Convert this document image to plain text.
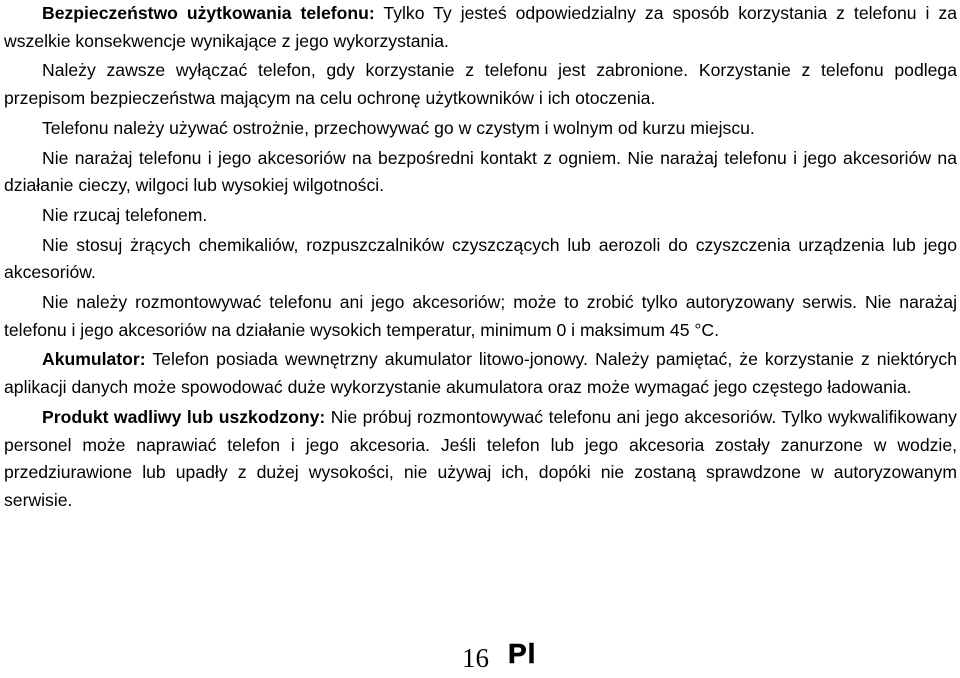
Bezpieczeństwo użytkowania telefonu: Tylko Ty jesteś odpowiedzialny za sposób korzystania z telefonu i za wszelkie konsekwencje wynikające z jego wykorzystania.

Należy zawsze wyłączać telefon, gdy korzystanie z telefonu jest zabronione. Korzystanie z telefonu podlega przepisom bezpieczeństwa mającym na celu ochronę użytkowników i ich otoczenia.

Telefonu należy używać ostrożnie, przechowywać go w czystym i wolnym od kurzu miejscu.

Nie narażaj telefonu i jego akcesoriów na bezpośredni kontakt z ogniem. Nie narażaj telefonu i jego akcesoriów na działanie cieczy, wilgoci lub wysokiej wilgotności.

Nie rzucaj telefonem.

Nie stosuj żrących chemikaliów, rozpuszczalników czyszczących lub aerozoli do czyszczenia urządzenia lub jego akcesoriów.

Nie należy rozmontowywać telefonu ani jego akcesoriów; może to zrobić tylko autoryzowany serwis. Nie narażaj telefonu i jego akcesoriów na działanie wysokich temperatur, minimum 0 i maksimum 45 °C.

Akumulator: Telefon posiada wewnętrzny akumulator litowo-jonowy. Należy pamiętać, że korzystanie z niektórych aplikacji danych może spowodować duże wykorzystanie akumulatora oraz może wymagać jego częstego ładowania.

Produkt wadliwy lub uszkodzony: Nie próbuj rozmontowywać telefonu ani jego akcesoriów. Tylko wykwalifikowany personel może naprawiać telefon i jego akcesoria. Jeśli telefon lub jego akcesoria zostały zanurzone w wodzie, przedziurawione lub upadły z dużej wysokości, nie używaj ich, dopóki nie zostaną sprawdzone w autoryzowanym serwisie.

16 Pl
